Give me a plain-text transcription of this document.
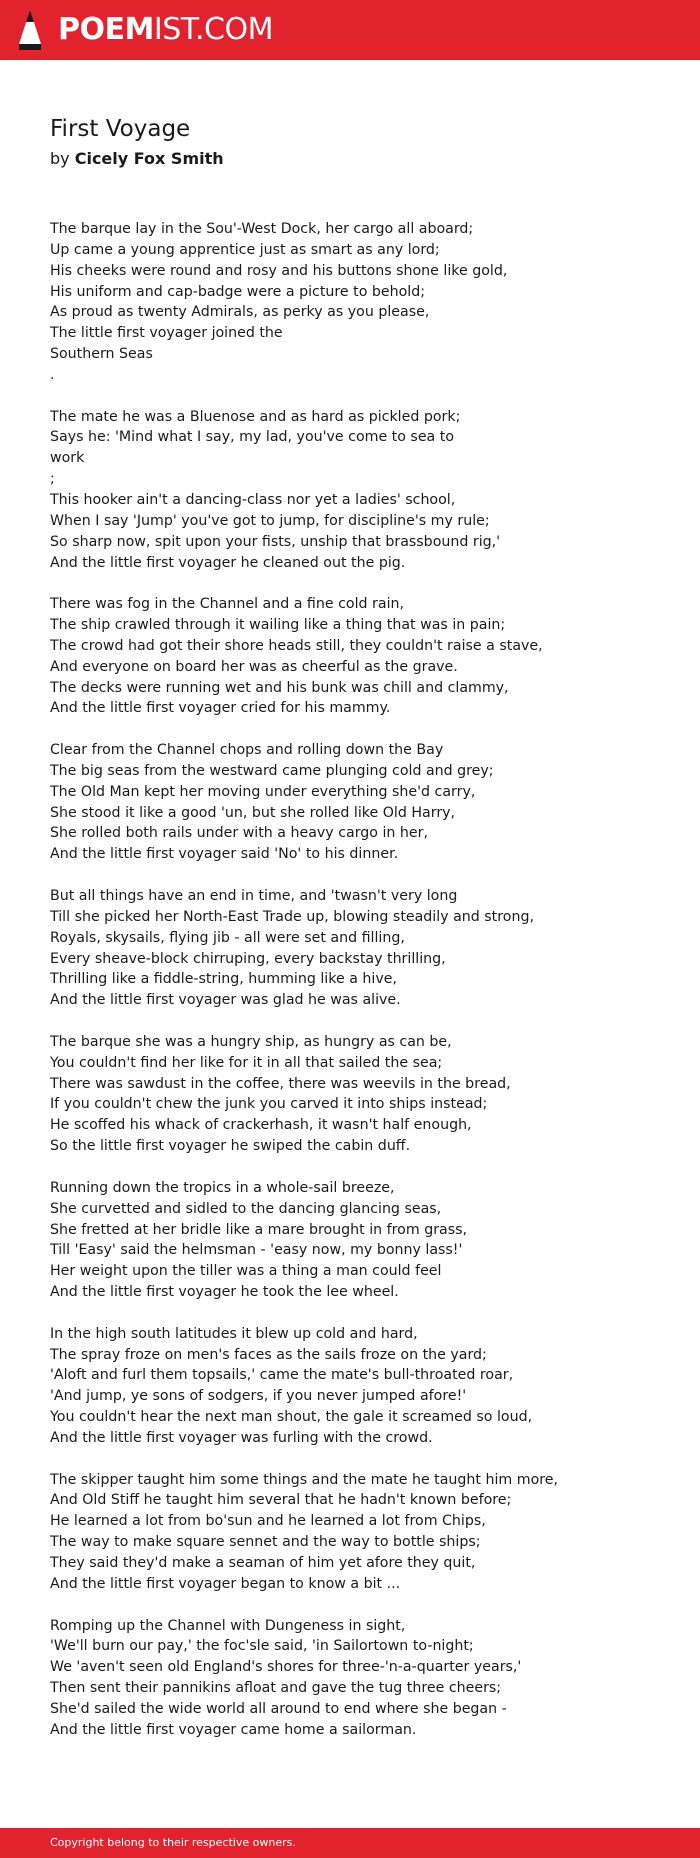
POEMIST.COM
First Voyage
by Cicely Fox Smith
The barque lay in the Sou'-West Dock, her cargo all aboard;
Up came a young apprentice just as smart as any lord;
His cheeks were round and rosy and his buttons shone like gold,
His uniform and cap-badge were a picture to behold;
As proud as twenty Admirals, as perky as you please,
The little first voyager joined the
Southern Seas
.
The mate he was a Bluenose and as hard as pickled pork;
Says he: 'Mind what I say, my lad, you've come to sea to
work
;
This hooker ain't a dancing-class nor yet a ladies' school,
When I say 'Jump' you've got to jump, for discipline's my rule;
So sharp now, spit upon your fists, unship that brassbound rig,'
And the little first voyager he cleaned out the pig.
There was fog in the Channel and a fine cold rain,
The ship crawled through it wailing like a thing that was in pain;
The crowd had got their shore heads still, they couldn't raise a stave,
And everyone on board her was as cheerful as the grave.
The decks were running wet and his bunk was chill and clammy,
And the little first voyager cried for his mammy.
Clear from the Channel chops and rolling down the Bay
The big seas from the westward came plunging cold and grey;
The Old Man kept her moving under everything she'd carry,
She stood it like a good 'un, but she rolled like Old Harry,
She rolled both rails under with a heavy cargo in her,
And the little first voyager said 'No' to his dinner.
But all things have an end in time, and 'twasn't very long
Till she picked her North-East Trade up, blowing steadily and strong,
Royals, skysails, flying jib - all were set and filling,
Every sheave-block chirruping, every backstay thrilling,
Thrilling like a fiddle-string, humming like a hive,
And the little first voyager was glad he was alive.
The barque she was a hungry ship, as hungry as can be,
You couldn't find her like for it in all that sailed the sea;
There was sawdust in the coffee, there was weevils in the bread,
If you couldn't chew the junk you carved it into ships instead;
He scoffed his whack of crackerhash, it wasn't half enough,
So the little first voyager he swiped the cabin duff.
Running down the tropics in a whole-sail breeze,
She curvetted and sidled to the dancing glancing seas,
She fretted at her bridle like a mare brought in from grass,
Till 'Easy' said the helmsman - 'easy now, my bonny lass!'
Her weight upon the tiller was a thing a man could feel
And the little first voyager he took the lee wheel.
In the high south latitudes it blew up cold and hard,
The spray froze on men's faces as the sails froze on the yard;
'Aloft and furl them topsails,' came the mate's bull-throated roar,
'And jump, ye sons of sodgers, if you never jumped afore!'
You couldn't hear the next man shout, the gale it screamed so loud,
And the little first voyager was furling with the crowd.
The skipper taught him some things and the mate he taught him more,
And Old Stiff he taught him several that he hadn't known before;
He learned a lot from bo'sun and he learned a lot from Chips,
The way to make square sennet and the way to bottle ships;
They said they'd make a seaman of him yet afore they quit,
And the little first voyager began to know a bit ...
Romping up the Channel with Dungeness in sight,
'We'll burn our pay,' the foc'sle said, 'in Sailortown to-night;
We 'aven't seen old England's shores for three-'n-a-quarter years,'
Then sent their pannikins afloat and gave the tug three cheers;
She'd sailed the wide world all around to end where she began -
And the little first voyager came home a sailorman.
Copyright belong to their respective owners.
